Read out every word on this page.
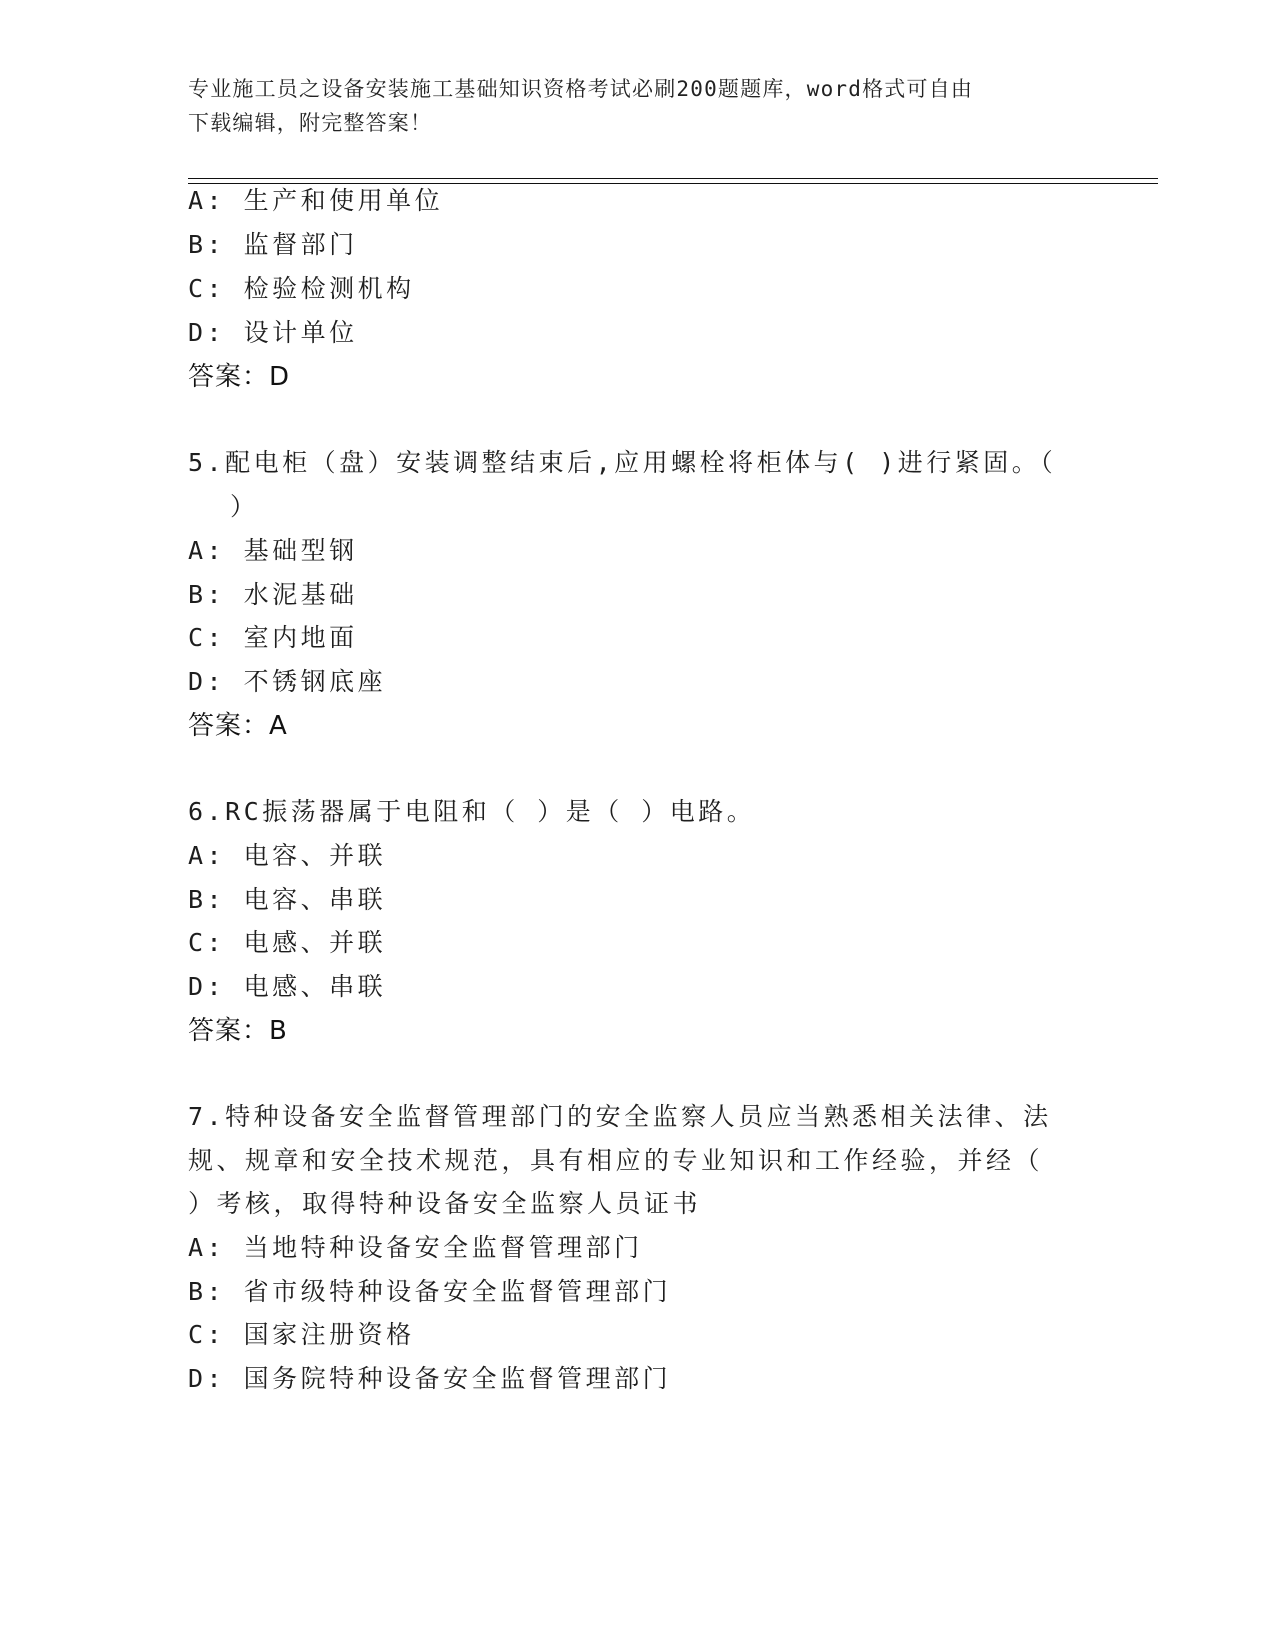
专业施工员之设备安装施工基础知识资格考试必刷200题题库，word格式可自由
下载编辑，附完整答案！
A: 生产和使用单位
B: 监督部门
C: 检验检测机构
D: 设计单位
答案：D
5.配电柜（盘）安装调整结束后,应用螺栓将柜体与( )进行紧固。（
）
A: 基础型钢
B: 水泥基础
C: 室内地面
D: 不锈钢底座
答案：A
6.RC振荡器属于电阻和（ ）是（ ）电路。
A: 电容、并联
B: 电容、串联
C: 电感、并联
D: 电感、串联
答案：B
7.特种设备安全监督管理部门的安全监察人员应当熟悉相关法律、法
规、规章和安全技术规范，具有相应的专业知识和工作经验，并经（
）考核，取得特种设备安全监察人员证书
A: 当地特种设备安全监督管理部门
B: 省市级特种设备安全监督管理部门
C: 国家注册资格
D: 国务院特种设备安全监督管理部门
